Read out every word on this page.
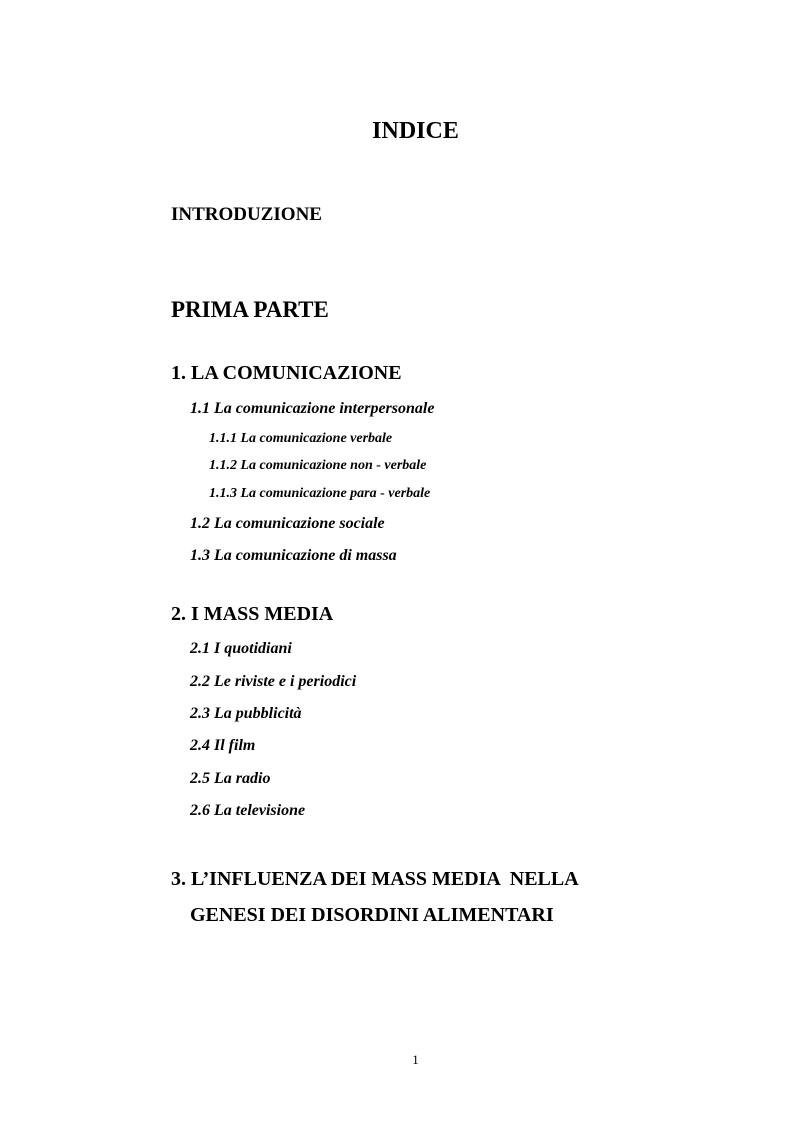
INDICE
INTRODUZIONE
PRIMA PARTE
1. LA COMUNICAZIONE
1.1 La comunicazione interpersonale
1.1.1 La comunicazione verbale
1.1.2 La comunicazione non - verbale
1.1.3 La comunicazione para - verbale
1.2 La comunicazione sociale
1.3 La comunicazione di massa
2. I MASS MEDIA
2.1 I quotidiani
2.2 Le riviste e i periodici
2.3 La pubblicità
2.4 Il film
2.5 La radio
2.6 La televisione
3. L’INFLUENZA DEI MASS MEDIA  NELLA
GENESI DEI DISORDINI ALIMENTARI
1
